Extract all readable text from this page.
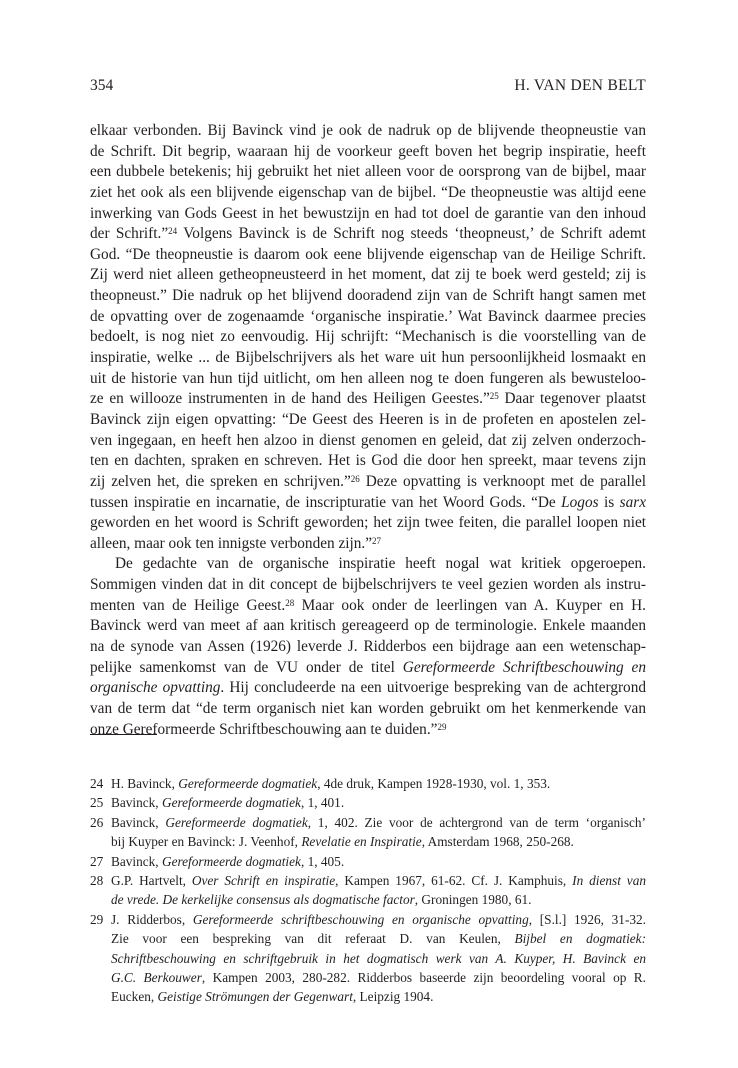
354	H. VAN DEN BELT
elkaar verbonden. Bij Bavinck vind je ook de nadruk op de blijvende theopneustie van
de Schrift. Dit begrip, waaraan hij de voorkeur geeft boven het begrip inspiratie, heeft
een dubbele betekenis; hij gebruikt het niet alleen voor de oorsprong van de bijbel, maar
ziet het ook als een blijvende eigenschap van de bijbel. “De theopneustie was altijd eene
inwerking van Gods Geest in het bewustzijn en had tot doel de garantie van den inhoud
der Schrift.”$^{24}$ Volgens Bavinck is de Schrift nog steeds ‘theopneust,’ de Schrift ademt
God. “De theopneustie is daarom ook eene blijvende eigenschap van de Heilige Schrift.
Zij werd niet alleen getheopneusteerd in het moment, dat zij te boek werd gesteld; zij is
theopneust.” Die nadruk op het blijvend dooradend zijn van de Schrift hangt samen met
de opvatting over de zogenaamde ‘organische inspiratie.’ Wat Bavinck daarmee precies
bedoelt, is nog niet zo eenvoudig. Hij schrijft: “Mechanisch is die voorstelling van de
inspiratie, welke ... de Bijbelschrijvers als het ware uit hun persoonlijkheid losmaakt en
uit de historie van hun tijd uitlicht, om hen alleen nog te doen fungeren als bewusteloo-
ze en willooze instrumenten in de hand des Heiligen Geestes.”$^{25}$ Daar tegenover plaatst
Bavinck zijn eigen opvatting: “De Geest des Heeren is in de profeten en apostelen zel-
ven ingegaan, en heeft hen alzoo in dienst genomen en geleid, dat zij zelven onderzoch-
ten en dachten, spraken en schreven. Het is God die door hen spreekt, maar tevens zijn
zij zelven het, die spreken en schrijven.”$^{26}$ Deze opvatting is verknoopt met de parallel
tussen inspiratie en incarnatie, de inscripturatie van het Woord Gods. “De Logos is sarx
geworden en het woord is Schrift geworden; het zijn twee feiten, die parallel loopen niet
alleen, maar ook ten innigste verbonden zijn.”$^{27}$
De gedachte van de organische inspiratie heeft nogal wat kritiek opgeroepen.
Sommigen vinden dat in dit concept de bijbelschrijvers te veel gezien worden als instru-
menten van de Heilige Geest.$^{28}$ Maar ook onder de leerlingen van A. Kuyper en H.
Bavinck werd van meet af aan kritisch gereageerd op de terminologie. Enkele maanden
na de synode van Assen (1926) leverde J. Ridderbos een bijdrage aan een wetenschap-
pelijke samenkomst van de VU onder de titel Gereformeerde Schriftbeschouwing en
organische opvatting. Hij concludeerde na een uitvoerige bespreking van de achtergrond
van de term dat “de term organisch niet kan worden gebruikt om het kenmerkende van
onze Gereformeerde Schriftbeschouwing aan te duiden.”$^{29}$
24 H. Bavinck, Gereformeerde dogmatiek, 4de druk, Kampen 1928-1930, vol. 1, 353.
25 Bavinck, Gereformeerde dogmatiek, 1, 401.
26 Bavinck, Gereformeerde dogmatiek, 1, 402. Zie voor de achtergrond van de term ‘organisch’
bij Kuyper en Bavinck: J. Veenhof, Revelatie en Inspiratie, Amsterdam 1968, 250-268.
27 Bavinck, Gereformeerde dogmatiek, 1, 405.
28 G.P. Hartvelt, Over Schrift en inspiratie, Kampen 1967, 61-62. Cf. J. Kamphuis, In dienst van
de vrede. De kerkelijke consensus als dogmatische factor, Groningen 1980, 61.
29 J. Ridderbos, Gereformeerde schriftbeschouwing en organische opvatting, [S.l.] 1926, 31-32.
Zie voor een bespreking van dit referaat D. van Keulen, Bijbel en dogmatiek:
Schriftbeschouwing en schriftgebruik in het dogmatisch werk van A. Kuyper, H. Bavinck en
G.C. Berkouwer, Kampen 2003, 280-282. Ridderbos baseerde zijn beoordeling vooral op R.
Eucken, Geistige Strömungen der Gegenwart, Leipzig 1904.
